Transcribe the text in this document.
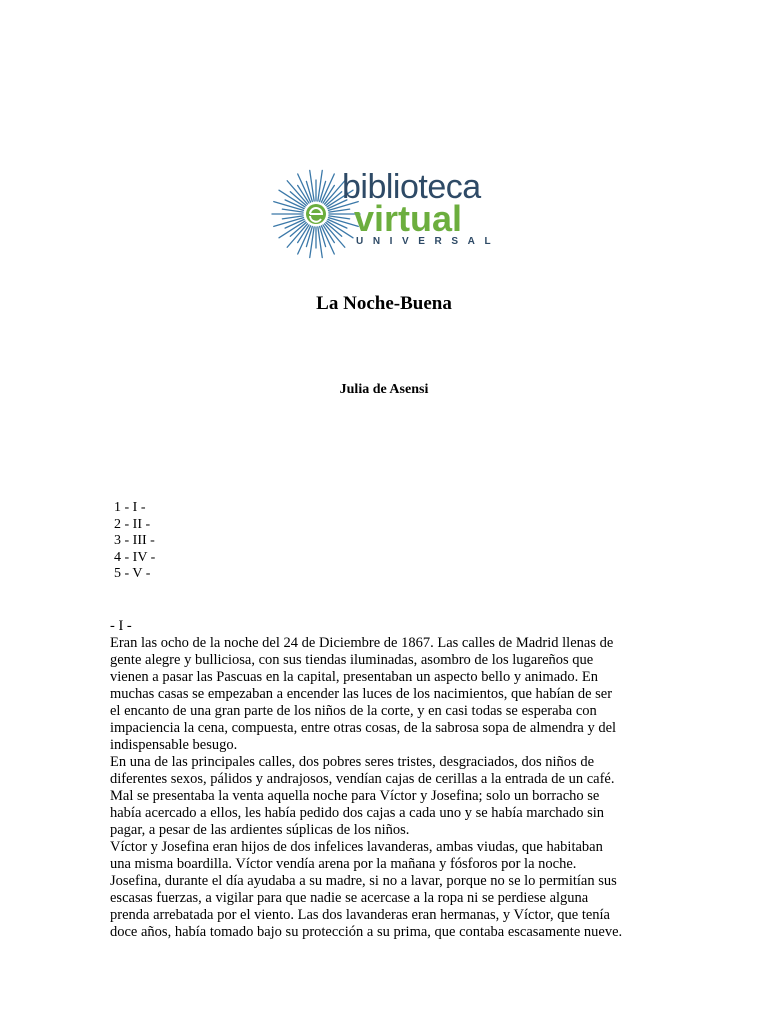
biblioteca
virtual
UNIVERSAL
La Noche-Buena
Julia de Asensi
1 - I -
2 - II -
3 - III -
4 - IV -
5 - V -

- I -

Eran las ocho de la noche del 24 de Diciembre de 1867. Las calles de Madrid llenas de

gente alegre y bulliciosa, con sus tiendas iluminadas, asombro de los lugareños que

vienen a pasar las Pascuas en la capital, presentaban un aspecto bello y animado. En

muchas casas se empezaban a encender las luces de los nacimientos, que habían de ser

el encanto de una gran parte de los niños de la corte, y en casi todas se esperaba con

impaciencia la cena, compuesta, entre otras cosas, de la sabrosa sopa de almendra y del

indispensable besugo.

En una de las principales calles, dos pobres seres tristes, desgraciados, dos niños de

diferentes sexos, pálidos y andrajosos, vendían cajas de cerillas a la entrada de un café.

Mal se presentaba la venta aquella noche para Víctor y Josefina; solo un borracho se

había acercado a ellos, les había pedido dos cajas a cada uno y se había marchado sin

pagar, a pesar de las ardientes súplicas de los niños.

Víctor y Josefina eran hijos de dos infelices lavanderas, ambas viudas, que habitaban

una misma boardilla. Víctor vendía arena por la mañana y fósforos por la noche.

Josefina, durante el día ayudaba a su madre, si no a lavar, porque no se lo permitían sus

escasas fuerzas, a vigilar para que nadie se acercase a la ropa ni se perdiese alguna

prenda arrebatada por el viento. Las dos lavanderas eran hermanas, y Víctor, que tenía

doce años, había tomado bajo su protección a su prima, que contaba escasamente nueve.
